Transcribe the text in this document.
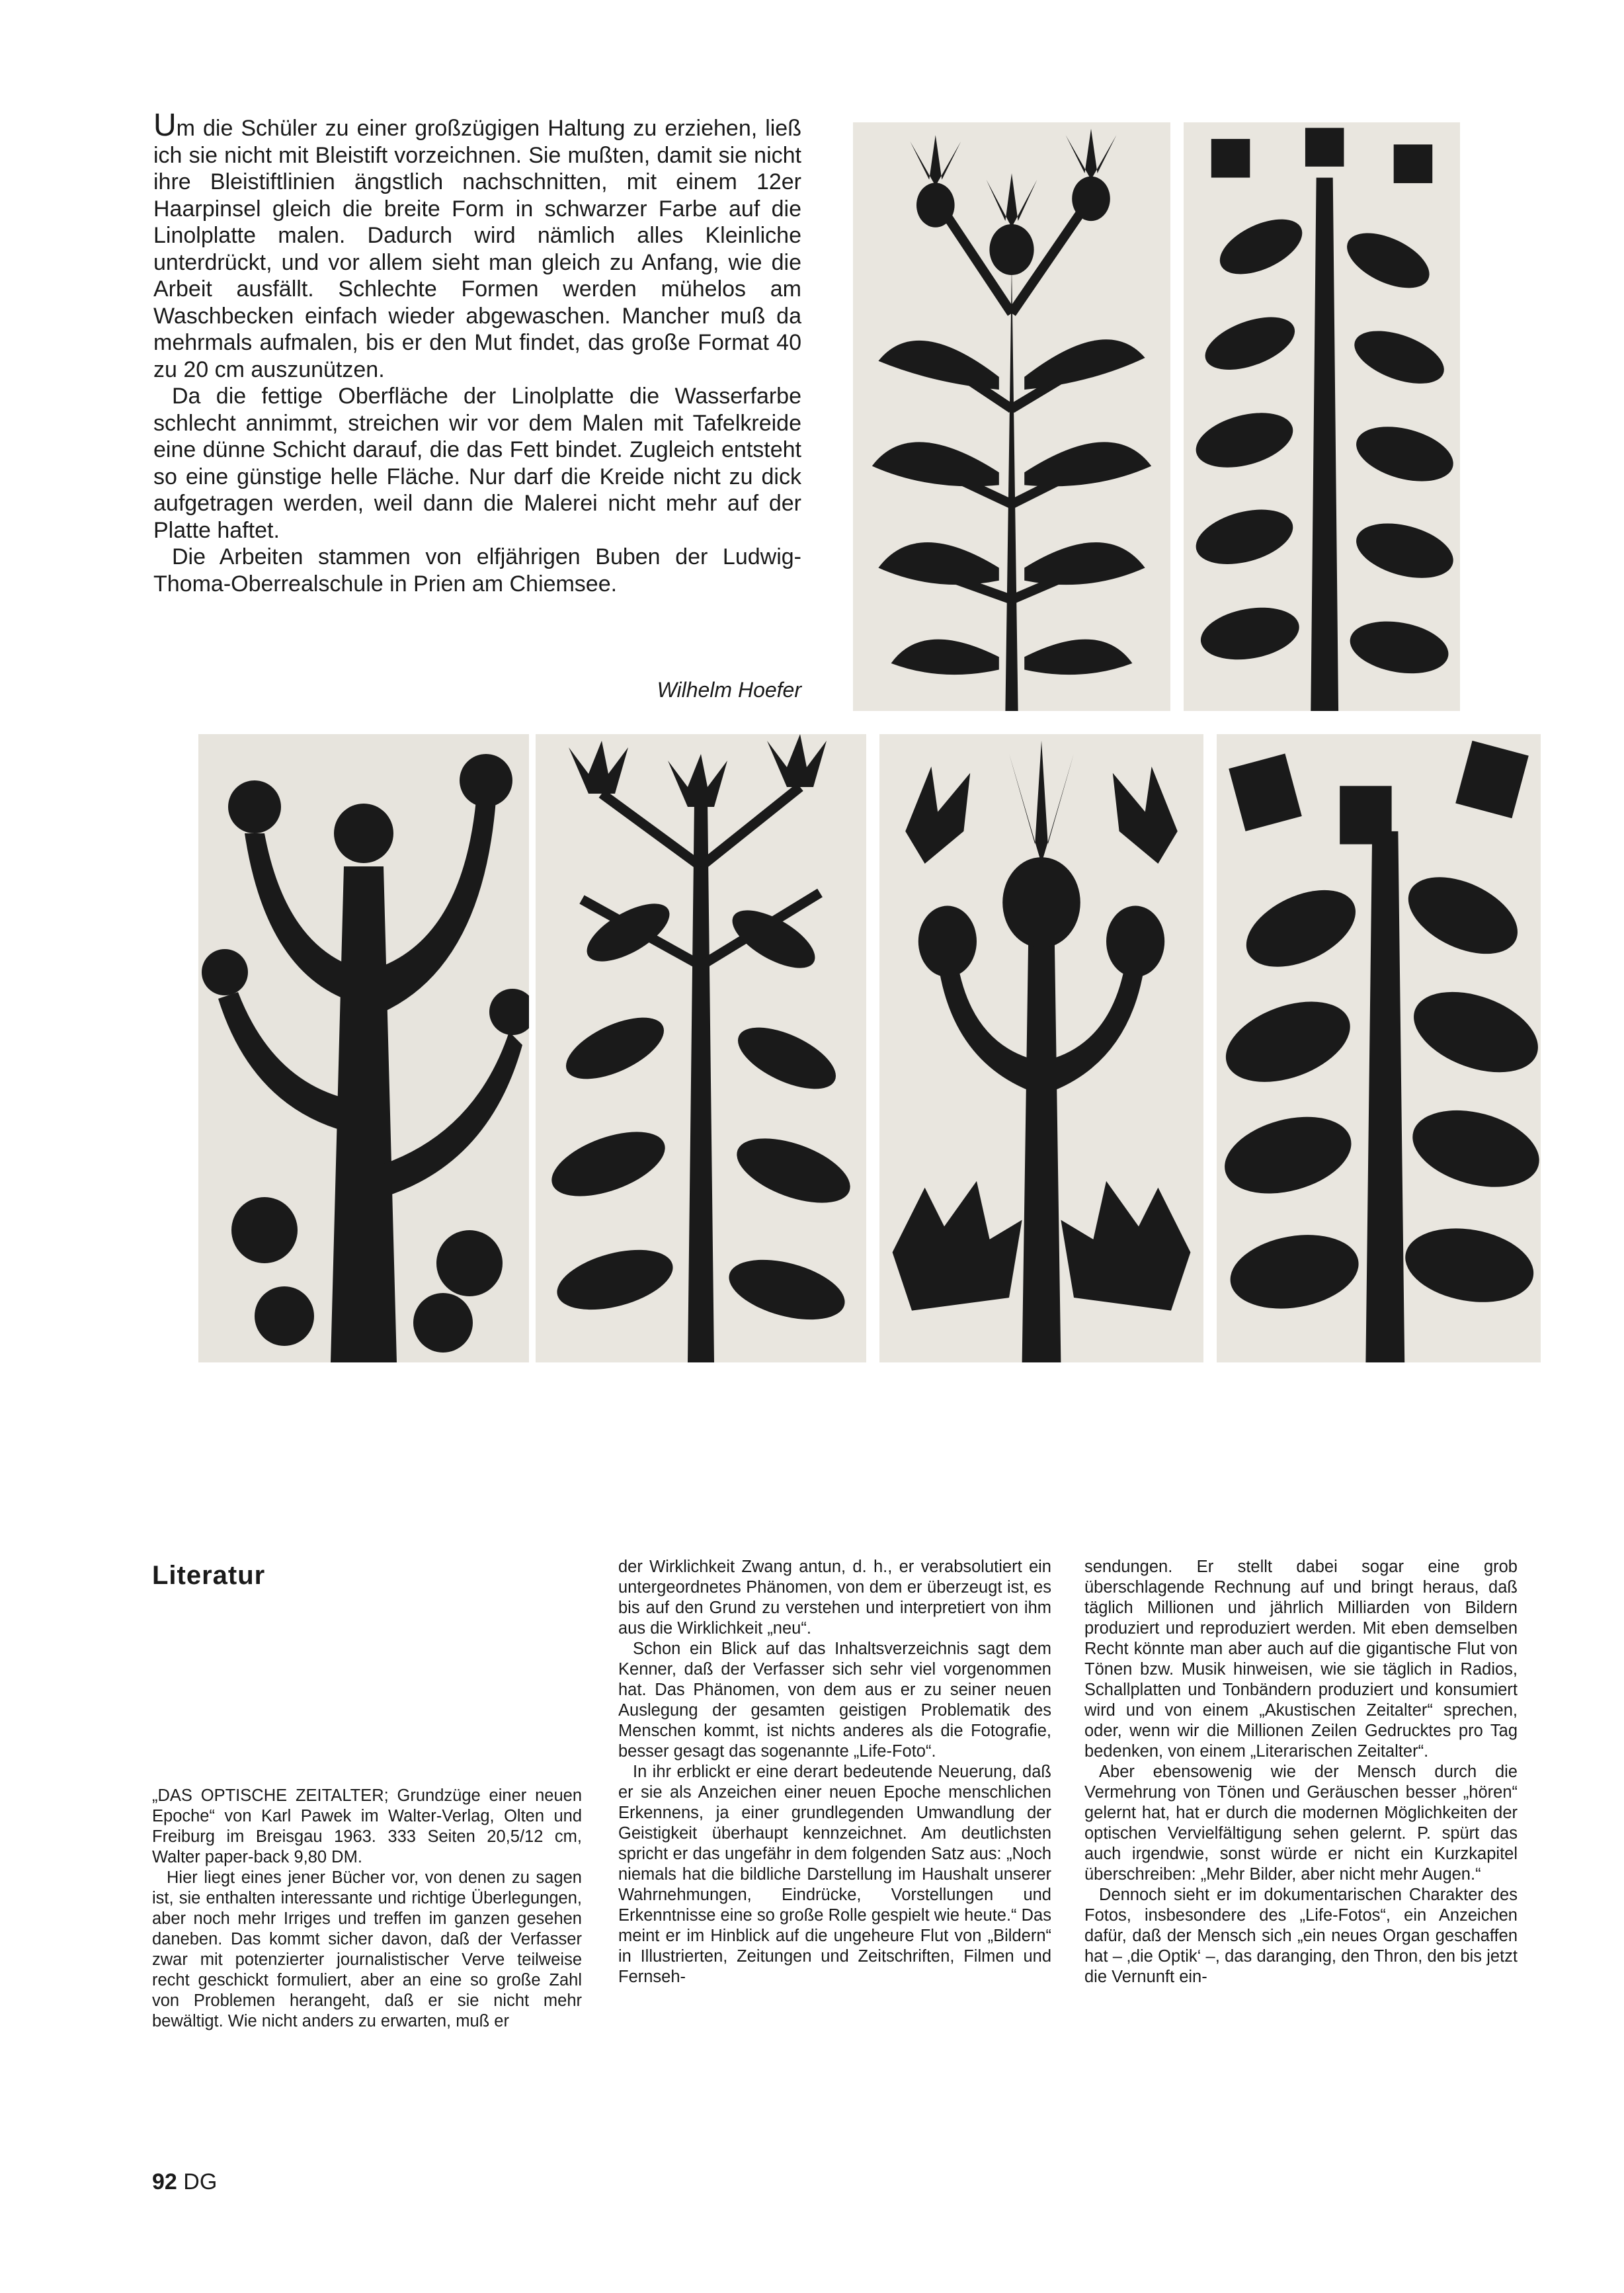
Um die Schüler zu einer großzügigen Haltung zu erziehen, ließ ich sie nicht mit Bleistift vorzeichnen. Sie mußten, damit sie nicht ihre Bleistiftlinien ängstlich nachschnitten, mit einem 12er Haarpinsel gleich die breite Form in schwarzer Farbe auf die Linolplatte malen. Dadurch wird nämlich alles Kleinliche unterdrückt, und vor allem sieht man gleich zu Anfang, wie die Arbeit ausfällt. Schlechte Formen werden mühelos am Waschbecken einfach wieder abgewaschen. Mancher muß da mehrmals aufmalen, bis er den Mut findet, das große Format 40 zu 20 cm auszunützen.

Da die fettige Oberfläche der Linolplatte die Wasserfarbe schlecht annimmt, streichen wir vor dem Malen mit Tafelkreide eine dünne Schicht darauf, die das Fett bindet. Zugleich entsteht so eine günstige helle Fläche. Nur darf die Kreide nicht zu dick aufgetragen werden, weil dann die Malerei nicht mehr auf der Platte haftet.

Die Arbeiten stammen von elfjährigen Buben der Ludwig-Thoma-Oberrealschule in Prien am Chiemsee.

Wilhelm Hoefer
Literatur

„DAS OPTISCHE ZEITALTER; Grundzüge einer neuen Epoche“ von Karl Pawek im Walter-Verlag, Olten und Freiburg im Breisgau 1963. 333 Seiten 20,5/12 cm, Walter paper-back 9,80 DM.

Hier liegt eines jener Bücher vor, von denen zu sagen ist, sie enthalten interessante und richtige Überlegungen, aber noch mehr Irriges und treffen im ganzen gesehen daneben. Das kommt sicher davon, daß der Verfasser zwar mit potenzierter journalistischer Verve teilweise recht geschickt formuliert, aber an eine so große Zahl von Problemen herangeht, daß er sie nicht mehr bewältigt. Wie nicht anders zu erwarten, muß er

der Wirklichkeit Zwang antun, d. h., er verabsolutiert ein untergeordnetes Phänomen, von dem er überzeugt ist, es bis auf den Grund zu verstehen und interpretiert von ihm aus die Wirklichkeit „neu“.

Schon ein Blick auf das Inhaltsverzeichnis sagt dem Kenner, daß der Verfasser sich sehr viel vorgenommen hat. Das Phänomen, von dem aus er zu seiner neuen Auslegung der gesamten geistigen Problematik des Menschen kommt, ist nichts anderes als die Fotografie, besser gesagt das sogenannte „Life-Foto“.

In ihr erblickt er eine derart bedeutende Neuerung, daß er sie als Anzeichen einer neuen Epoche menschlichen Erkennens, ja einer grundlegenden Umwandlung der Geistigkeit überhaupt kennzeichnet. Am deutlichsten spricht er das ungefähr in dem folgenden Satz aus: „Noch niemals hat die bildliche Darstellung im Haushalt unserer Wahrnehmungen, Eindrücke, Vorstellungen und Erkenntnisse eine so große Rolle gespielt wie heute.“ Das meint er im Hinblick auf die ungeheure Flut von „Bildern“ in Illustrierten, Zeitungen und Zeitschriften, Filmen und Fernseh-

sendungen. Er stellt dabei sogar eine grob überschlagende Rechnung auf und bringt heraus, daß täglich Millionen und jährlich Milliarden von Bildern produziert und reproduziert werden. Mit eben demselben Recht könnte man aber auch auf die gigantische Flut von Tönen bzw. Musik hinweisen, wie sie täglich in Radios, Schallplatten und Tonbändern produziert und konsumiert wird und von einem „Akustischen Zeitalter“ sprechen, oder, wenn wir die Millionen Zeilen Gedrucktes pro Tag bedenken, von einem „Literarischen Zeitalter“.

Aber ebensowenig wie der Mensch durch die Vermehrung von Tönen und Geräuschen besser „hören“ gelernt hat, hat er durch die modernen Möglichkeiten der optischen Vervielfältigung sehen gelernt. P. spürt das auch irgendwie, sonst würde er nicht ein Kurzkapitel überschreiben: „Mehr Bilder, aber nicht mehr Augen.“

Dennoch sieht er im dokumentarischen Charakter des Fotos, insbesondere des „Life-Fotos“, ein Anzeichen dafür, daß der Mensch sich „ein neues Organ geschaffen hat – ‚die Optik‘ –, das daranging, den Thron, den bis jetzt die Vernunft ein-

92 DG
